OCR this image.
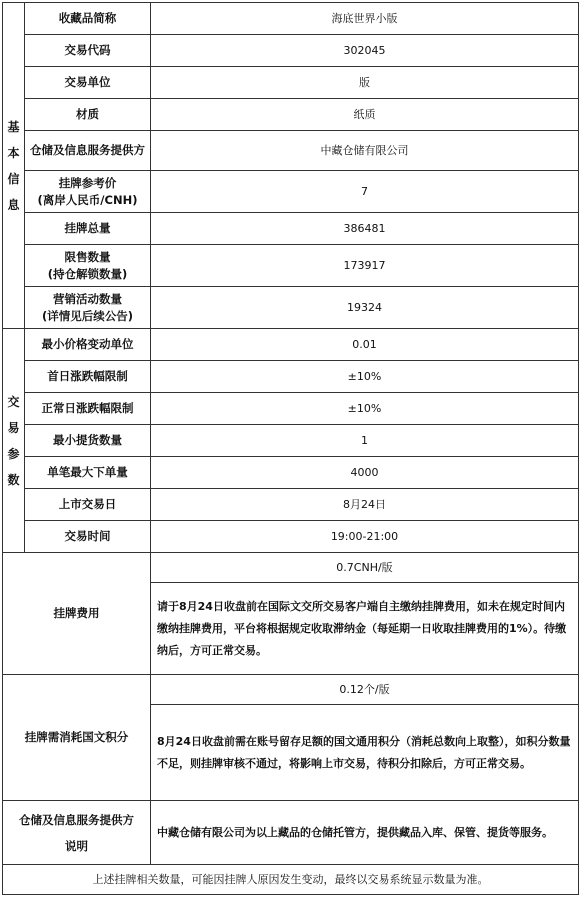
基本信息	收藏品简称	海底世界小版
	交易代码	302045
	交易单位	版
	材质	纸质
	仓储及信息服务提供方	中藏仓储有限公司

	挂牌参考价
(离岸人民币/CNH)	7
	挂牌总量	386481

	限售数量
(持仓解锁数量)	173917

	营销活动数量
(详情见后续公告)	19324
交易参数	最小价格变动单位	0.01
	首日涨跌幅限制	±10%
	正常日涨跌幅限制	±10%
	最小提货数量	1
	单笔最大下单量	4000
	上市交易日	8月24日
	交易时间	19:00-21:00
挂牌费用		0.7CNH/版
		请于8月24日收盘前在国际文交所交易客户端自主缴纳挂牌费用，如未在规定时间内缴纳挂牌费用，平台将根据规定收取滞纳金（每延期一日收取挂牌费用的1%）。待缴纳后，方可正常交易。
挂牌需消耗国文积分		0.12个/版
		8月24日收盘前需在账号留存足额的国文通用积分（消耗总数向上取整），如积分数量不足，则挂牌审核不通过，将影响上市交易，待积分扣除后，方可正常交易。

仓储及信息服务提供方
说明		中藏仓储有限公司为以上藏品的仓储托管方，提供藏品入库、保管、提货等服务。
上述挂牌相关数量，可能因挂牌人原因发生变动，最终以交易系统显示数量为准。		
